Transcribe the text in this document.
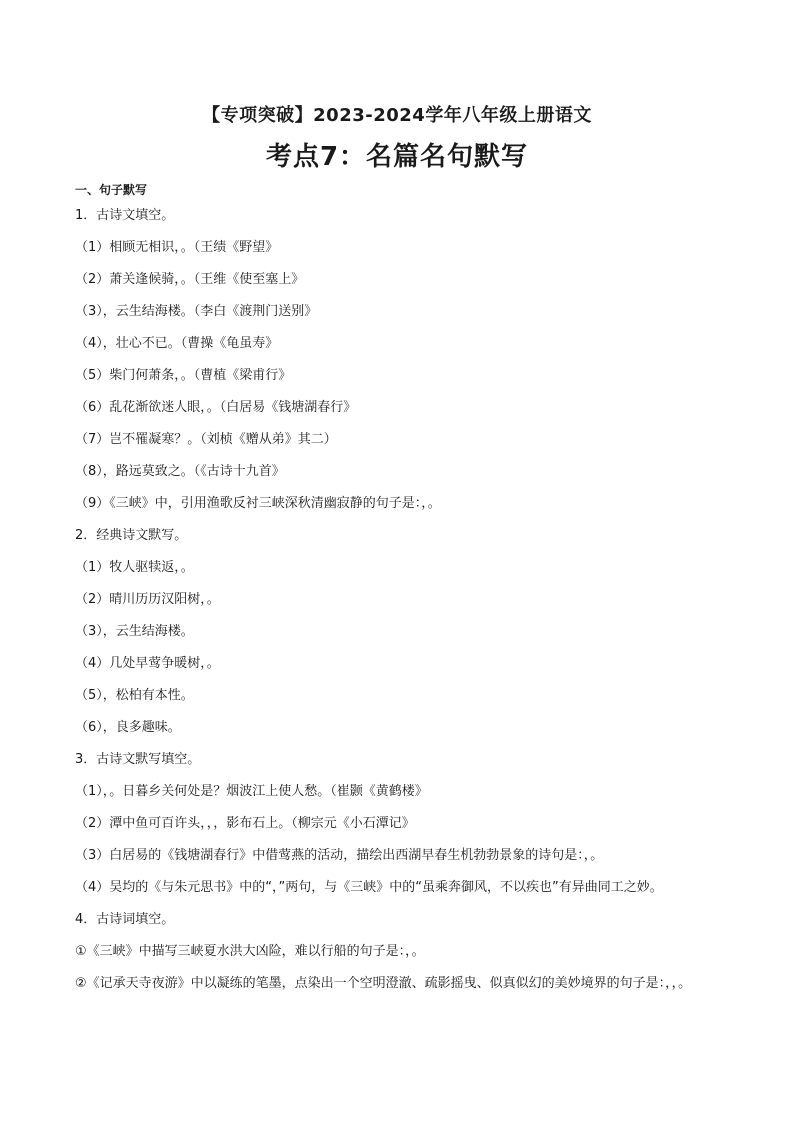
【专项突破】2023-2024学年八年级上册语文
考点7：名篇名句默写
一、句子默写
1．古诗文填空。
（1）相顾无相识，。（王绩《野望》
（2）萧关逢候骑，。（王维《使至塞上》
（3），云生结海楼。（李白《渡荆门送别》
（4），壮心不已。（曹操《龟虽寿》
（5）柴门何萧条，。（曹植《梁甫行》
（6）乱花渐欲迷人眼，。（白居易《钱塘湖春行》
（7）岂不罹凝寒？。（刘桢《赠从弟》其二）
（8），路远莫致之。（《古诗十九首》
（9）《三峡》中，引用渔歌反衬三峡深秋清幽寂静的句子是：，。
2．经典诗文默写。
（1）牧人驱犊返，。
（2）晴川历历汉阳树，。
（3），云生结海楼。
（4）几处早莺争暖树，。
（5），松柏有本性。
（6），良多趣味。
3．古诗文默写填空。
（1），。日暮乡关何处是？烟波江上使人愁。（崔颢《黄鹤楼》
（2）潭中鱼可百许头，，，影布石上。（柳宗元《小石潭记》
（3）白居易的《钱塘湖春行》中借莺燕的活动，描绘出西湖早春生机勃勃景象的诗句是：，。
（4）吴均的《与朱元思书》中的“，”两句，与《三峡》中的“虽乘奔御风，不以疾也”有异曲同工之妙。
4．古诗词填空。
①《三峡》中描写三峡夏水洪大凶险，难以行船的句子是：，。
②《记承天寺夜游》中以凝练的笔墨，点染出一个空明澄澈、疏影摇曳、似真似幻的美妙境界的句子是：，，。
